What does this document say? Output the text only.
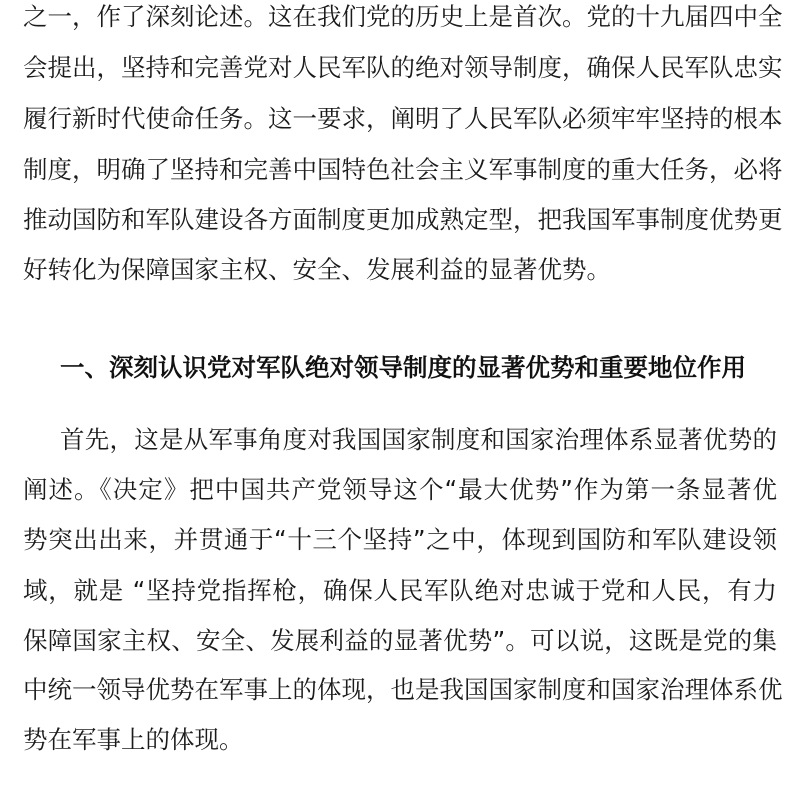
之一，作了深刻论述。这在我们党的历史上是首次。党的十九届四中全
会提出，坚持和完善党对人民军队的绝对领导制度，确保人民军队忠实
履行新时代使命任务。这一要求，阐明了人民军队必须牢牢坚持的根本
制度，明确了坚持和完善中国特色社会主义军事制度的重大任务，必将
推动国防和军队建设各方面制度更加成熟定型，把我国军事制度优势更
好转化为保障国家主权、安全、发展利益的显著优势。
一、深刻认识党对军队绝对领导制度的显著优势和重要地位作用
首先，这是从军事角度对我国国家制度和国家治理体系显著优势的
阐述。《决定》把中国共产党领导这个“最大优势”作为第一条显著优
势突出出来，并贯通于“十三个坚持”之中，体现到国防和军队建设领
域，就是 “坚持党指挥枪，确保人民军队绝对忠诚于党和人民，有力
保障国家主权、安全、发展利益的显著优势”。可以说，这既是党的集
中统一领导优势在军事上的体现，也是我国国家制度和国家治理体系优
势在军事上的体现。
